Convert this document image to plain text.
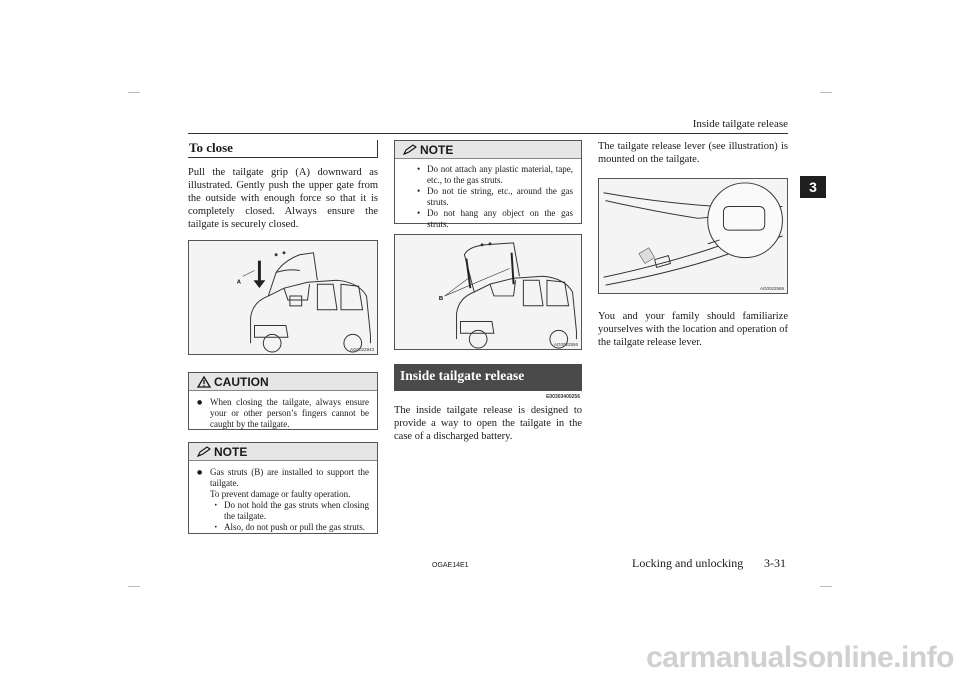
Inside tailgate release
3
To close
Pull the tailgate grip (A) downward as illustrated. Gently push the upper gate from the outside with enough force so that it is completely closed. Always ensure the tailgate is securely closed.
A
AG0022943
CAUTION
● When closing the tailgate, always ensure your or other person’s fingers cannot be caught by the tailgate.
NOTE
● Gas struts (B) are installed to support the tailgate.
To prevent damage or faulty operation.
• Do not hold the gas struts when closing the tailgate.
• Also, do not push or pull the gas struts.
NOTE
• Do not attach any plastic material, tape, etc., to the gas struts.
• Do not tie string, etc., around the gas struts.
• Do not hang any object on the gas struts.
B
AG0022556
Inside tailgate release
E00303400256
The inside tailgate release is designed to provide a way to open the tailgate in the case of a discharged battery.
The tailgate release lever (see illustration) is mounted on the tailgate.
AG0022569
You and your family should familiarize yourselves with the location and operation of the tailgate release lever.
OGAE14E1	Locking and unlocking 3-31
carmanualsonline.info
